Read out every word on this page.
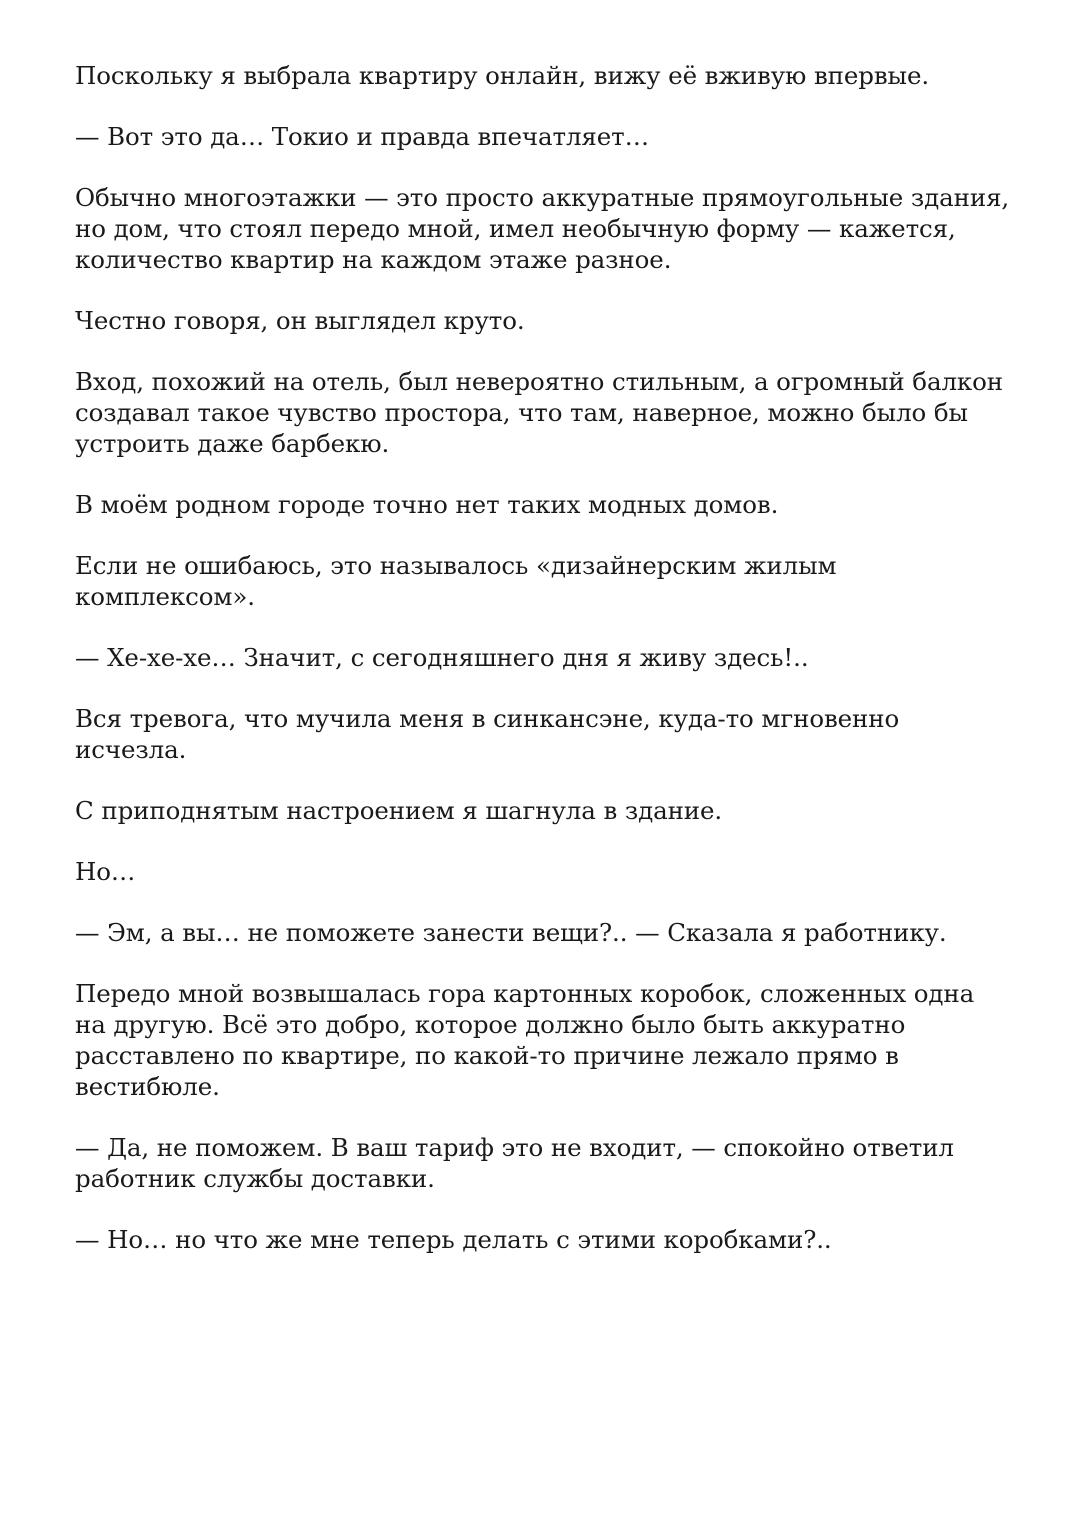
Поскольку я выбрала квартиру онлайн, вижу её вживую впервые.

— Вот это да… Токио и правда впечатляет…

Обычно многоэтажки — это просто аккуратные прямоугольные здания, но дом, что стоял передо мной, имел необычную форму — кажется, количество квартир на каждом этаже разное.

Честно говоря, он выглядел круто.

Вход, похожий на отель, был невероятно стильным, а огромный балкон создавал такое чувство простора, что там, наверное, можно было бы устроить даже барбекю.

В моём родном городе точно нет таких модных домов.

Если не ошибаюсь, это называлось «дизайнерским жилым комплексом».

— Хе-хе-хе… Значит, с сегодняшнего дня я живу здесь!..

Вся тревога, что мучила меня в синкансэне, куда-то мгновенно исчезла.

С приподнятым настроением я шагнула в здание.

Но…

— Эм, а вы… не поможете занести вещи?.. — Сказала я работнику.

Передо мной возвышалась гора картонных коробок, сложенных одна на другую. Всё это добро, которое должно было быть аккуратно расставлено по квартире, по какой-то причине лежало прямо в вестибюле.

— Да, не поможем. В ваш тариф это не входит, — спокойно ответил работник службы доставки.

— Но… но что же мне теперь делать с этими коробками?..
